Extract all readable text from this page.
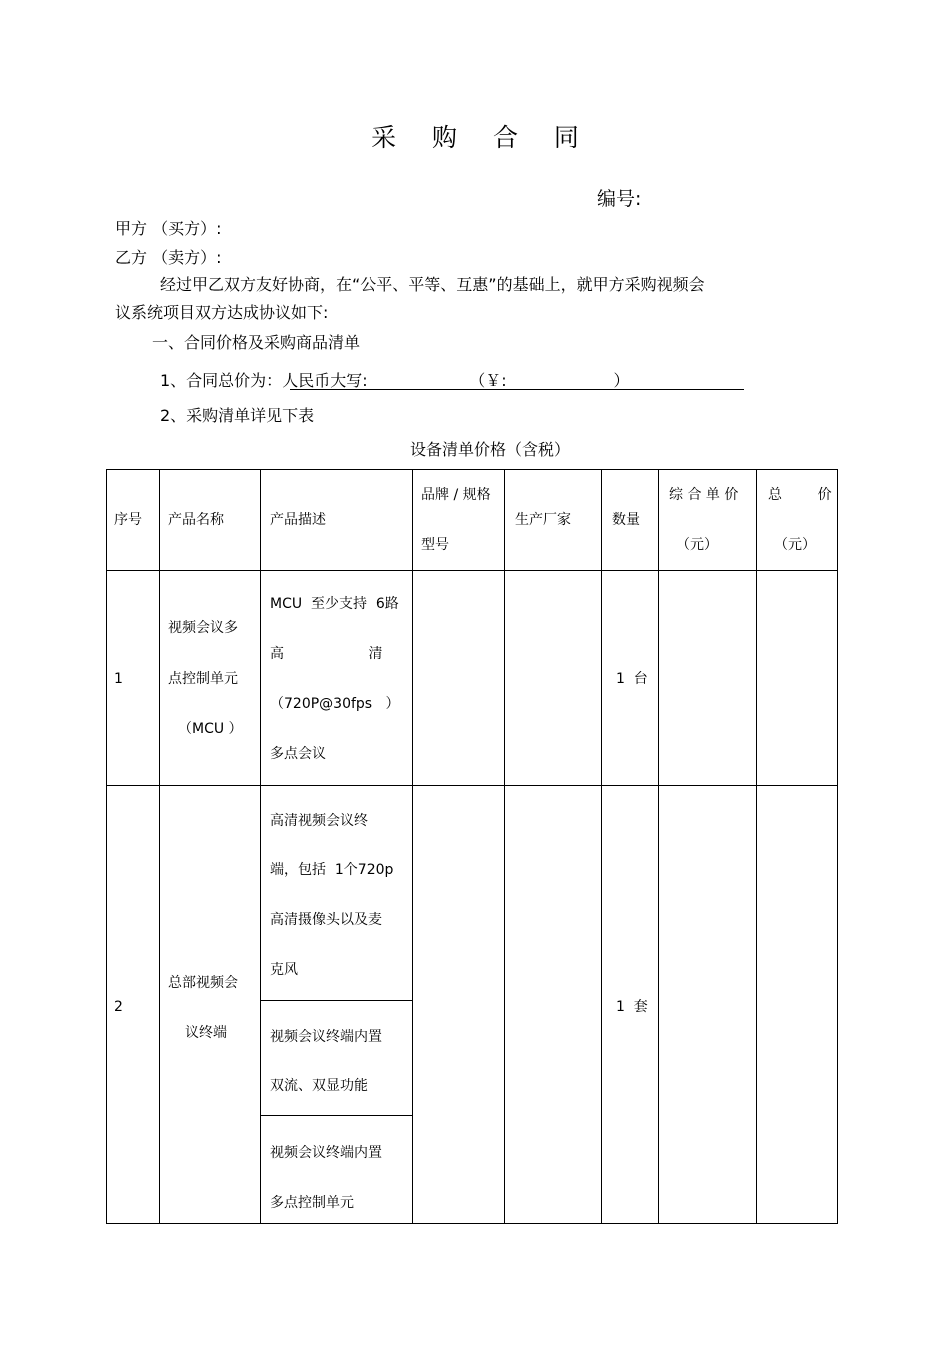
采 购 合 同
编号:
甲方 （买方）:
乙方 （卖方）:
经过甲乙双方友好协商，在“公平、平等、互惠”的基础上，就甲方采购视频会
议系统项目双方达成协议如下:
一、合同价格及采购商品清单
1、合同总价为：人民币大写:                    （￥:                     ）
2、采购清单详见下表
设备清单价格（含税）
序号 产品名称	产品描述
品牌 / 规格
型号
生产厂家	数量
综 合 单 价
（元）
总        价
（元）
1
视频会议多
点控制单元
（MCU ）
MCU  至少支持  6路
高                   清
（720P@30fps   ）
多点会议
1  台
2
总部视频会
议终端
高清视频会议终
端，包括  1个720p
高清摄像头以及麦
克风
视频会议终端内置
双流、双显功能
视频会议终端内置
多点控制单元
1  套
